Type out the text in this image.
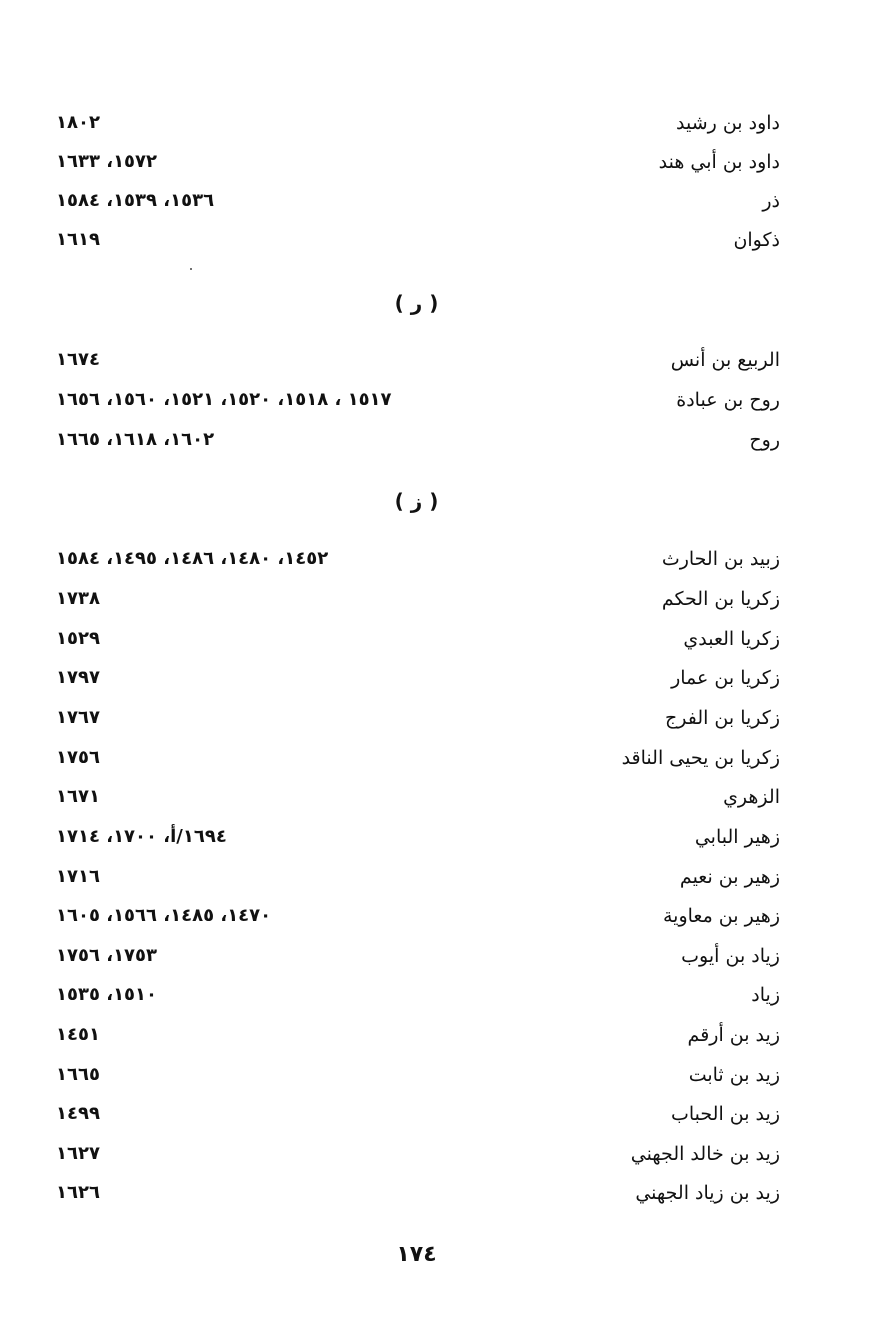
داود بن رشيد
١٨٠٢
داود بن أبي هند
١٥٧٢، ١٦٣٣
ذر
١٥٣٦، ١٥٣٩، ١٥٨٤
ذكوان
١٦١٩
( ر )
الربيع بن أنس
١٦٧٤
روح بن عبادة
١٥١٧ ، ١٥١٨، ١٥٢٠، ١٥٢١، ١٥٦٠، ١٦٥٦
روح
١٦٠٢، ١٦١٨، ١٦٦٥
( ز )
زبيد بن الحارث
١٤٥٢، ١٤٨٠، ١٤٨٦، ١٤٩٥، ١٥٨٤
زكريا بن الحكم
١٧٣٨
زكريا العبدي
١٥٢٩
زكريا بن عمار
١٧٩٧
زكريا بن الفرج
١٧٦٧
زكريا بن يحيى الناقد
١٧٥٦
الزهري
١٦٧١
زهير البابي
١٦٩٤/أ، ١٧٠٠، ١٧١٤
زهير بن نعيم
١٧١٦
زهير بن معاوية
١٤٧٠، ١٤٨٥، ١٥٦٦، ١٦٠٥
زياد بن أيوب
١٧٥٣، ١٧٥٦
زياد
١٥١٠، ١٥٣٥
زيد بن أرقم
١٤٥١
زيد بن ثابت
١٦٦٥
زيد بن الحباب
١٤٩٩
زيد بن خالد الجهني
١٦٢٧
زيد بن زياد الجهني
١٦٢٦
١٧٤
